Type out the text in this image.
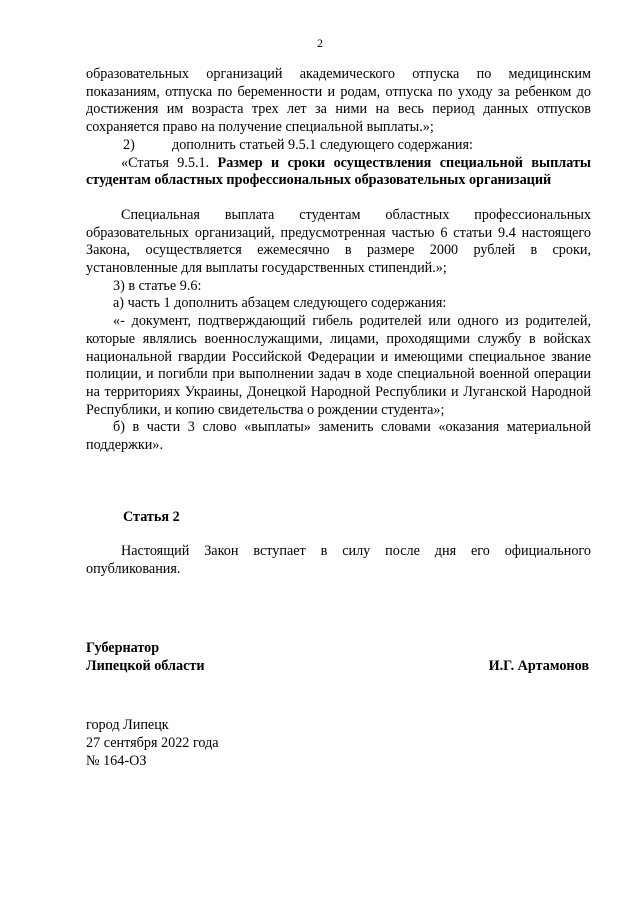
2

образовательных организаций академического отпуска по медицинским показаниям, отпуска по беременности и родам, отпуска по уходу за ребенком до достижения им возраста трех лет за ними на весь период данных отпусков сохраняется право на получение специальной выплаты.»;

2)	дополнить статьей 9.5.1 следующего содержания:

«Статья 9.5.1. Размер и сроки осуществления специальной выплаты

студентам областных профессиональных образовательных организаций

Специальная выплата студентам областных профессиональных образовательных организаций, предусмотренная частью 6 статьи 9.4 настоящего Закона, осуществляется ежемесячно в размере 2000 рублей в сроки, установленные для выплаты государственных стипендий.»;

3) в статье 9.6:

а) часть 1 дополнить абзацем следующего содержания:

«- документ, подтверждающий гибель родителей или одного из родителей, которые являлись военнослужащими, лицами, проходящими службу в войсках национальной гвардии Российской Федерации и имеющими специальное звание полиции, и погибли при выполнении задач в ходе специальной военной операции на территориях Украины, Донецкой Народной Республики и Луганской Народной Республики, и копию свидетельства о рождении студента»;

б) в части 3 слово «выплаты» заменить словами «оказания материальной поддержки».

Статья 2

Настоящий Закон вступает в силу после дня его официального опубликования.

Губернатор

Липецкой области	И.Г. Артамонов

город Липецк

27 сентября 2022 года

№ 164-ОЗ
